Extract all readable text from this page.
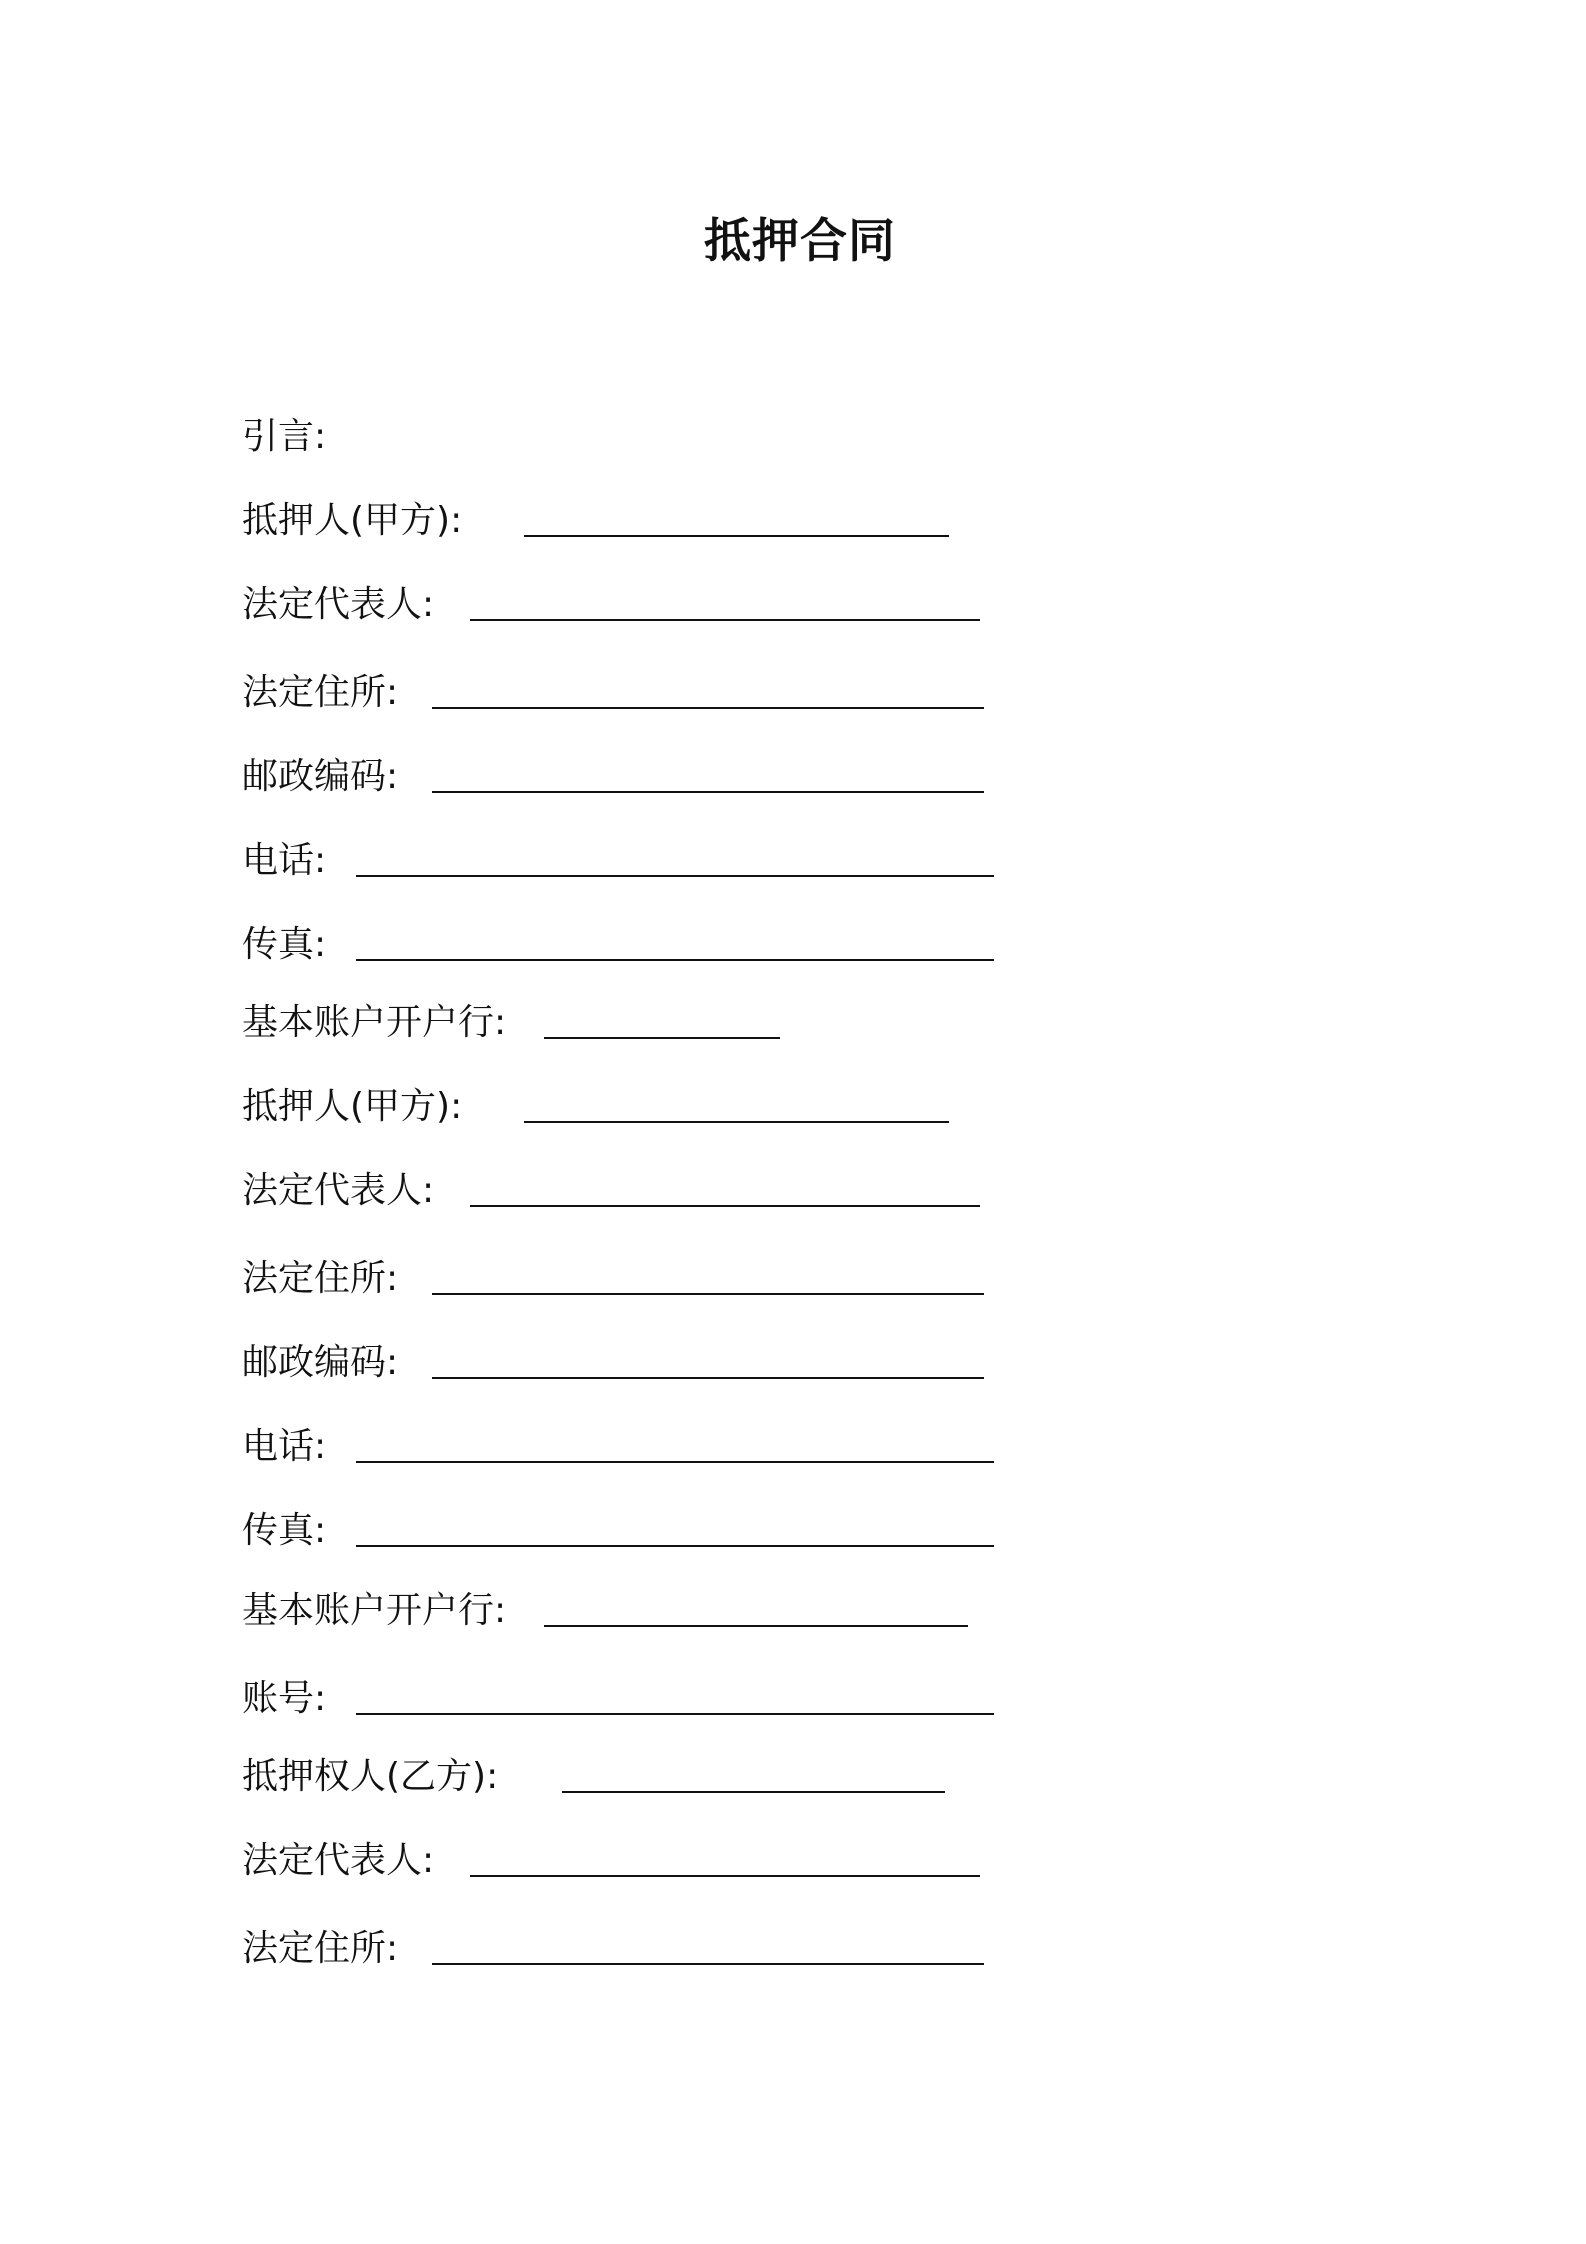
抵押合同
引言:
抵押人(甲方):
法定代表人:
法定住所:
邮政编码:
电话:
传真:
基本账户开户行:
抵押人(甲方):
法定代表人:
法定住所:
邮政编码:
电话:
传真:
基本账户开户行:
账号:
抵押权人(乙方):
法定代表人:
法定住所:
